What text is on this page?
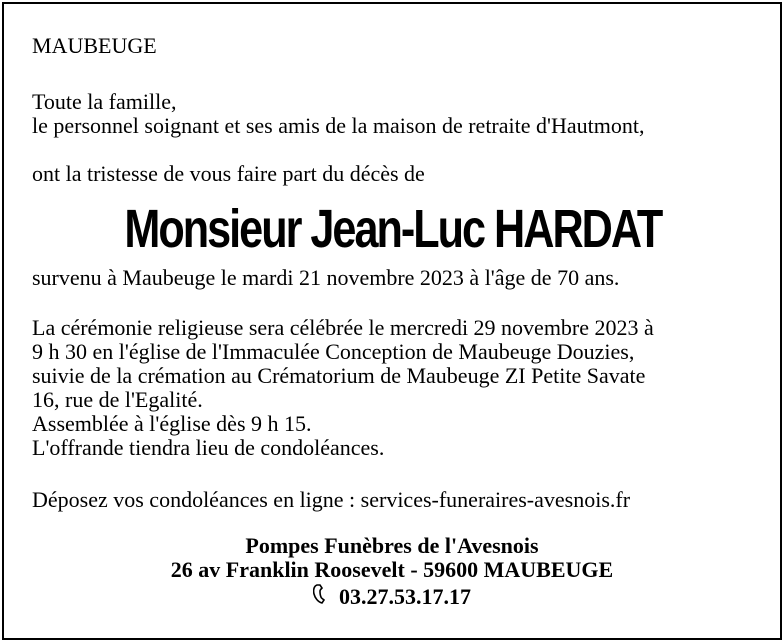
MAUBEUGE
Toute la famille,
le personnel soignant et ses amis de la maison de retraite d'Hautmont,
ont la tristesse de vous faire part du décès de
Monsieur Jean-Luc HARDAT
survenu à Maubeuge le mardi 21 novembre 2023 à l'âge de 70 ans.
La cérémonie religieuse sera célébrée le mercredi 29 novembre 2023 à
9 h 30 en l'église de l'Immaculée Conception de Maubeuge Douzies,
suivie de la crémation au Crématorium de Maubeuge ZI Petite Savate
16, rue de l'Egalité.
Assemblée à l'église dès 9 h 15.
L'offrande tiendra lieu de condoléances.
Déposez vos condoléances en ligne : services-funeraires-avesnois.fr
Pompes Funèbres de l'Avesnois
26 av Franklin Roosevelt - 59600 MAUBEUGE
03.27.53.17.17
